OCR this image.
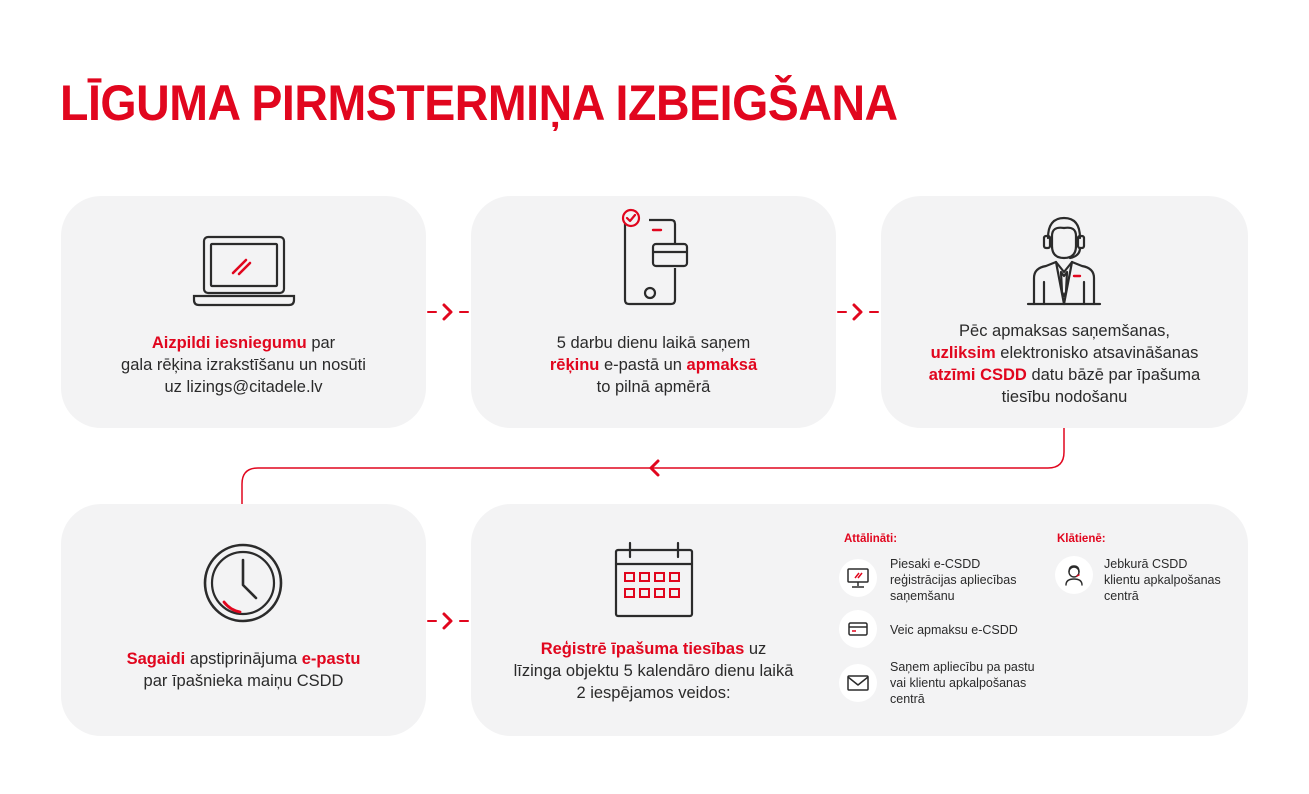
LĪGUMA PIRMSTERMIŅA IZBEIGŠANA
Aizpildi iesniegumu par
gala rēķina izrakstīšanu un nosūti
uz lizings@citadele.lv
5 darbu dienu laikā saņem
rēķinu e-pastā un apmaksā
to pilnā apmērā
Pēc apmaksas saņemšanas,
uzliksim elektronisko atsavināšanas
atzīmi CSDD datu bāzē par īpašuma
tiesību nodošanu
Sagaidi apstiprinājuma e-pastu
par īpašnieka maiņu CSDD
Reģistrē īpašuma tiesības uz
līzinga objektu 5 kalendāro dienu laikā
2 iespējamos veidos:
Attālināti:	Klātienē:
Piesaki e-CSDD
reģistrācijas apliecības
saņemšanu
Veic apmaksu e-CSDD
Saņem apliecību pa pastu
vai klientu apkalpošanas
centrā
Jebkurā CSDD
klientu apkalpošanas
centrā
